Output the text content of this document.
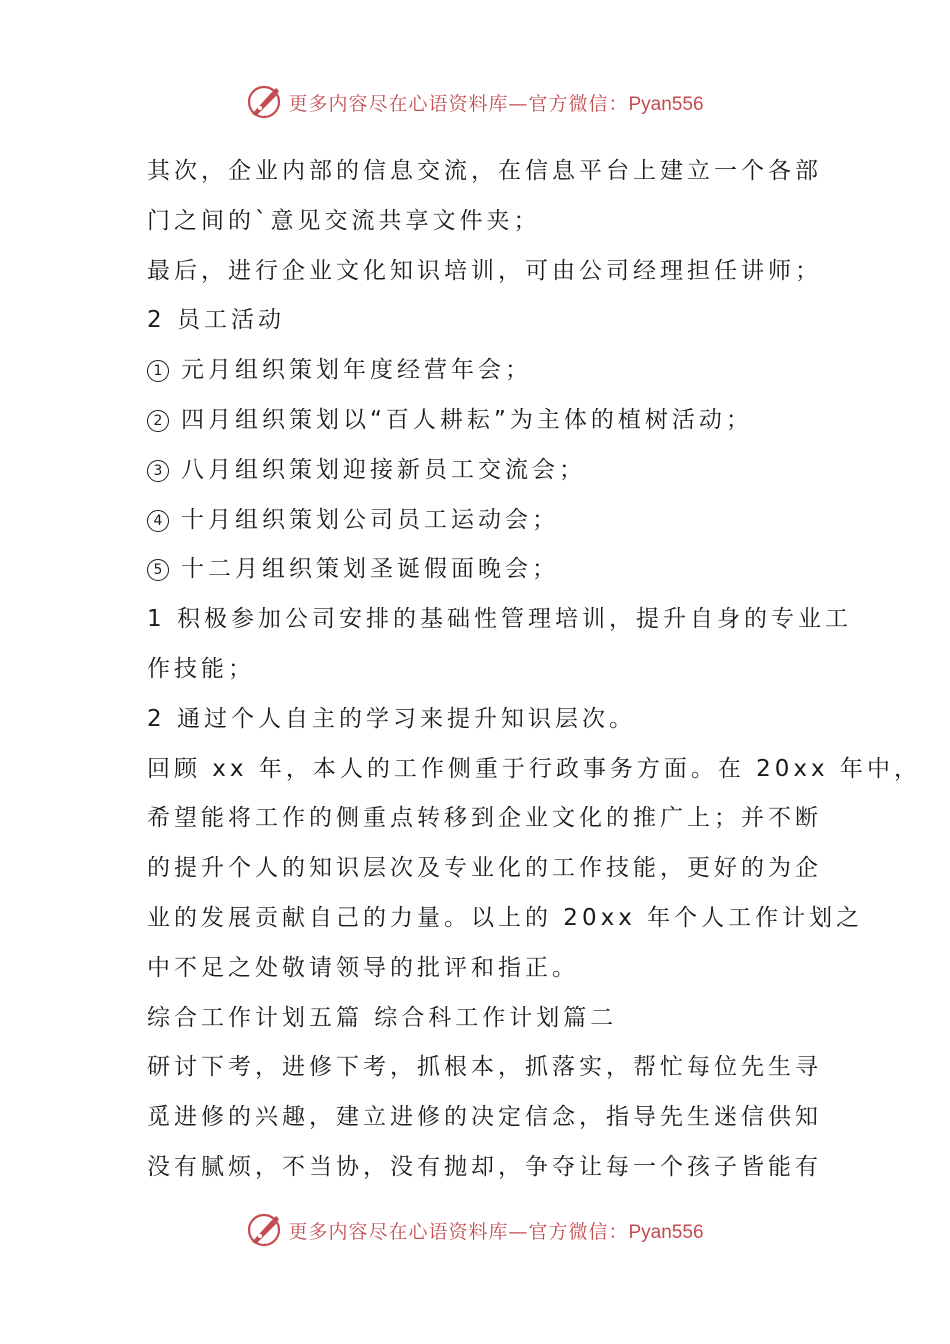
更多内容尽在心语资料库—官方微信：Pyan556
其次，企业内部的信息交流，在信息平台上建立一个各部
门之间的`意见交流共享文件夹；
最后，进行企业文化知识培训，可由公司经理担任讲师；
2 员工活动
1 元月组织策划年度经营年会；
2 四月组织策划以“百人耕耘”为主体的植树活动；
3 八月组织策划迎接新员工交流会；
4 十月组织策划公司员工运动会；
5 十二月组织策划圣诞假面晚会；
1 积极参加公司安排的基础性管理培训，提升自身的专业工
作技能；
2 通过个人自主的学习来提升知识层次。
回顾 xx 年，本人的工作侧重于行政事务方面。在 20xx 年中，
希望能将工作的侧重点转移到企业文化的推广上；并不断
的提升个人的知识层次及专业化的工作技能，更好的为企
业的发展贡献自己的力量。以上的 20xx 年个人工作计划之
中不足之处敬请领导的批评和指正。
综合工作计划五篇 综合科工作计划篇二
研讨下考，进修下考，抓根本，抓落实，帮忙每位先生寻
觅进修的兴趣，建立进修的决定信念，指导先生迷信供知
没有腻烦，不当协，没有抛却，争夺让每一个孩子皆能有
更多内容尽在心语资料库—官方微信：Pyan556
